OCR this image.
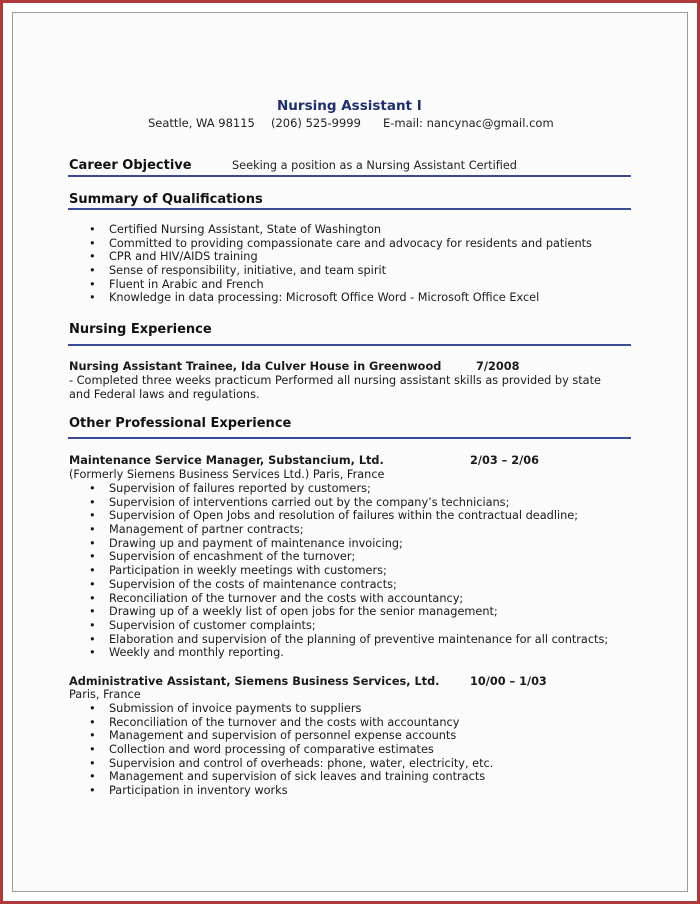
Nursing Assistant I
Seattle, WA 98115 (206) 525-9999 E-mail: nancynac@gmail.com
Career Objective	Seeking a position as a Nursing Assistant Certified
Summary of Qualifications
• Certified Nursing Assistant, State of Washington
• Committed to providing compassionate care and advocacy for residents and patients
• CPR and HIV/AIDS training
• Sense of responsibility, initiative, and team spirit
• Fluent in Arabic and French
• Knowledge in data processing: Microsoft Office Word - Microsoft Office Excel
Nursing Experience
Nursing Assistant Trainee, Ida Culver House in Greenwood	7/2008
- Completed three weeks practicum Performed all nursing assistant skills as provided by state
and Federal laws and regulations.
Other Professional Experience
Maintenance Service Manager, Substancium, Ltd.	2/03 – 2/06
(Formerly Siemens Business Services Ltd.) Paris, France
• Supervision of failures reported by customers;
• Supervision of interventions carried out by the company’s technicians;
• Supervision of Open Jobs and resolution of failures within the contractual deadline;
• Management of partner contracts;
• Drawing up and payment of maintenance invoicing;
• Supervision of encashment of the turnover;
• Participation in weekly meetings with customers;
• Supervision of the costs of maintenance contracts;
• Reconciliation of the turnover and the costs with accountancy;
• Drawing up of a weekly list of open jobs for the senior management;
• Supervision of customer complaints;
• Elaboration and supervision of the planning of preventive maintenance for all contracts;
• Weekly and monthly reporting.
Administrative Assistant, Siemens Business Services, Ltd.	10/00 – 1/03
Paris, France
• Submission of invoice payments to suppliers
• Reconciliation of the turnover and the costs with accountancy
• Management and supervision of personnel expense accounts
• Collection and word processing of comparative estimates
• Supervision and control of overheads: phone, water, electricity, etc.
• Management and supervision of sick leaves and training contracts
• Participation in inventory works
